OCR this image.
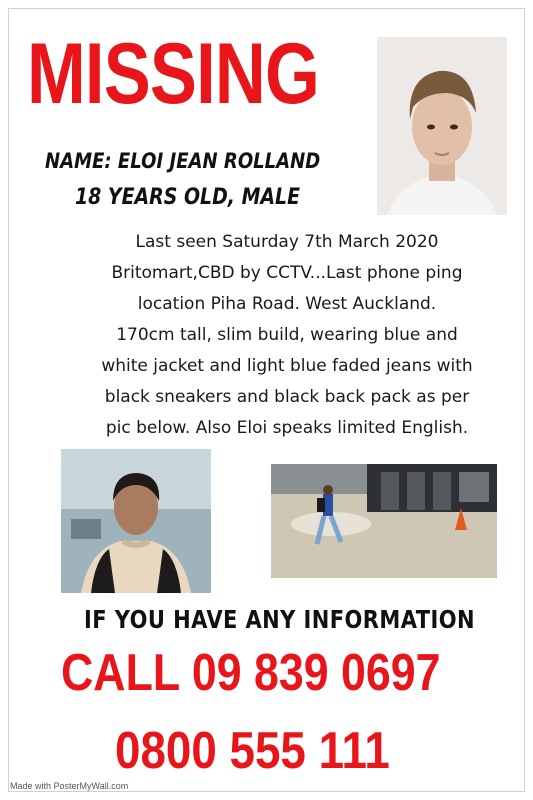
MISSING
NAME: ELOI JEAN ROLLAND
18 YEARS OLD, MALE

Last seen Saturday 7th March 2020

Britomart,CBD by CCTV...Last phone ping

location Piha Road. West Auckland.

170cm tall, slim build, wearing blue and

white jacket and light blue faded jeans with

black sneakers and black back pack as per

pic below. Also Eloi speaks limited English.

IF YOU HAVE ANY INFORMATION
CALL 09 839 0697
0800 555 111
Made with PosterMyWall.com
